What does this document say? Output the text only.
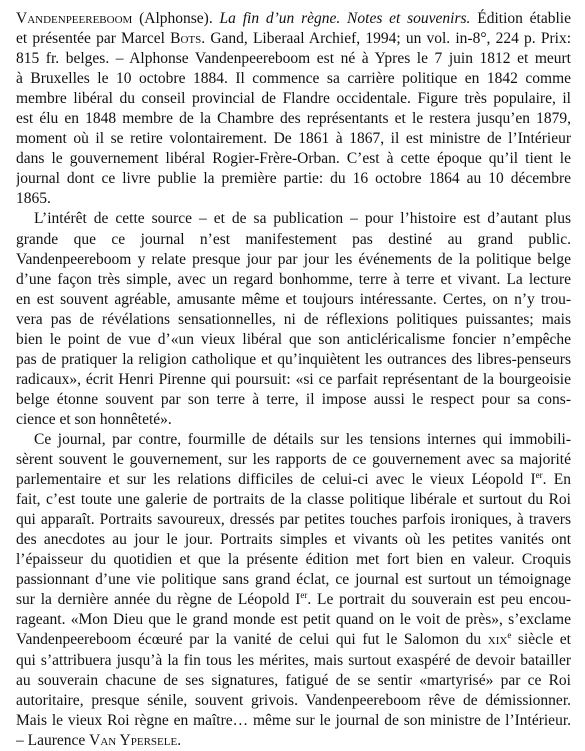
Vandenpeereboom (Alphonse). La fin d’un règne. Notes et souvenirs. Édition établie
et présentée par Marcel Bots. Gand, Liberaal Archief, 1994; un vol. in-8°, 224 p. Prix:
815 fr. belges. – Alphonse Vandenpeereboom est né à Ypres le 7 juin 1812 et meurt
à Bruxelles le 10 octobre 1884. Il commence sa carrière politique en 1842 comme
membre libéral du conseil provincial de Flandre occidentale. Figure très populaire, il
est élu en 1848 membre de la Chambre des représentants et le restera jusqu’en 1879,
moment où il se retire volontairement. De 1861 à 1867, il est ministre de l’Intérieur
dans le gouvernement libéral Rogier-Frère-Orban. C’est à cette époque qu’il tient le
journal dont ce livre publie la première partie: du 16 octobre 1864 au 10 décembre
1865.
L’intérêt de cette source – et de sa publication – pour l’histoire est d’autant plus
grande que ce journal n’est manifestement pas destiné au grand public.
Vandenpeereboom y relate presque jour par jour les événements de la politique belge
d’une façon très simple, avec un regard bonhomme, terre à terre et vivant. La lecture
en est souvent agréable, amusante même et toujours intéressante. Certes, on n’y trou-
vera pas de révélations sensationnelles, ni de réflexions politiques puissantes; mais
bien le point de vue d’«un vieux libéral que son anticléricalisme foncier n’empêche
pas de pratiquer la religion catholique et qu’inquiètent les outrances des libres-penseurs
radicaux», écrit Henri Pirenne qui poursuit: «si ce parfait représentant de la bourgeoisie
belge étonne souvent par son terre à terre, il impose aussi le respect pour sa cons-
cience et son honnêteté».
Ce journal, par contre, fourmille de détails sur les tensions internes qui immobili-
sèrent souvent le gouvernement, sur les rapports de ce gouvernement avec sa majorité
parlementaire et sur les relations difficiles de celui-ci avec le vieux Léopold Ier. En
fait, c’est toute une galerie de portraits de la classe politique libérale et surtout du Roi
qui apparaît. Portraits savoureux, dressés par petites touches parfois ironiques, à travers
des anecdotes au jour le jour. Portraits simples et vivants où les petites vanités ont
l’épaisseur du quotidien et que la présente édition met fort bien en valeur. Croquis
passionnant d’une vie politique sans grand éclat, ce journal est surtout un témoignage
sur la dernière année du règne de Léopold Ier. Le portrait du souverain est peu encou-
rageant. «Mon Dieu que le grand monde est petit quand on le voit de près», s’exclame
Vandenpeereboom écœuré par la vanité de celui qui fut le Salomon du xix$^e$ siècle et
qui s’attribuera jusqu’à la fin tous les mérites, mais surtout exaspéré de devoir batailler
au souverain chacune de ses signatures, fatigué de se sentir «martyrisé» par ce Roi
autoritaire, presque sénile, souvent grivois. Vandenpeereboom rêve de démissionner.
Mais le vieux Roi règne en maître… même sur le journal de son ministre de l’Intérieur.
– Laurence Van Ypersele.
